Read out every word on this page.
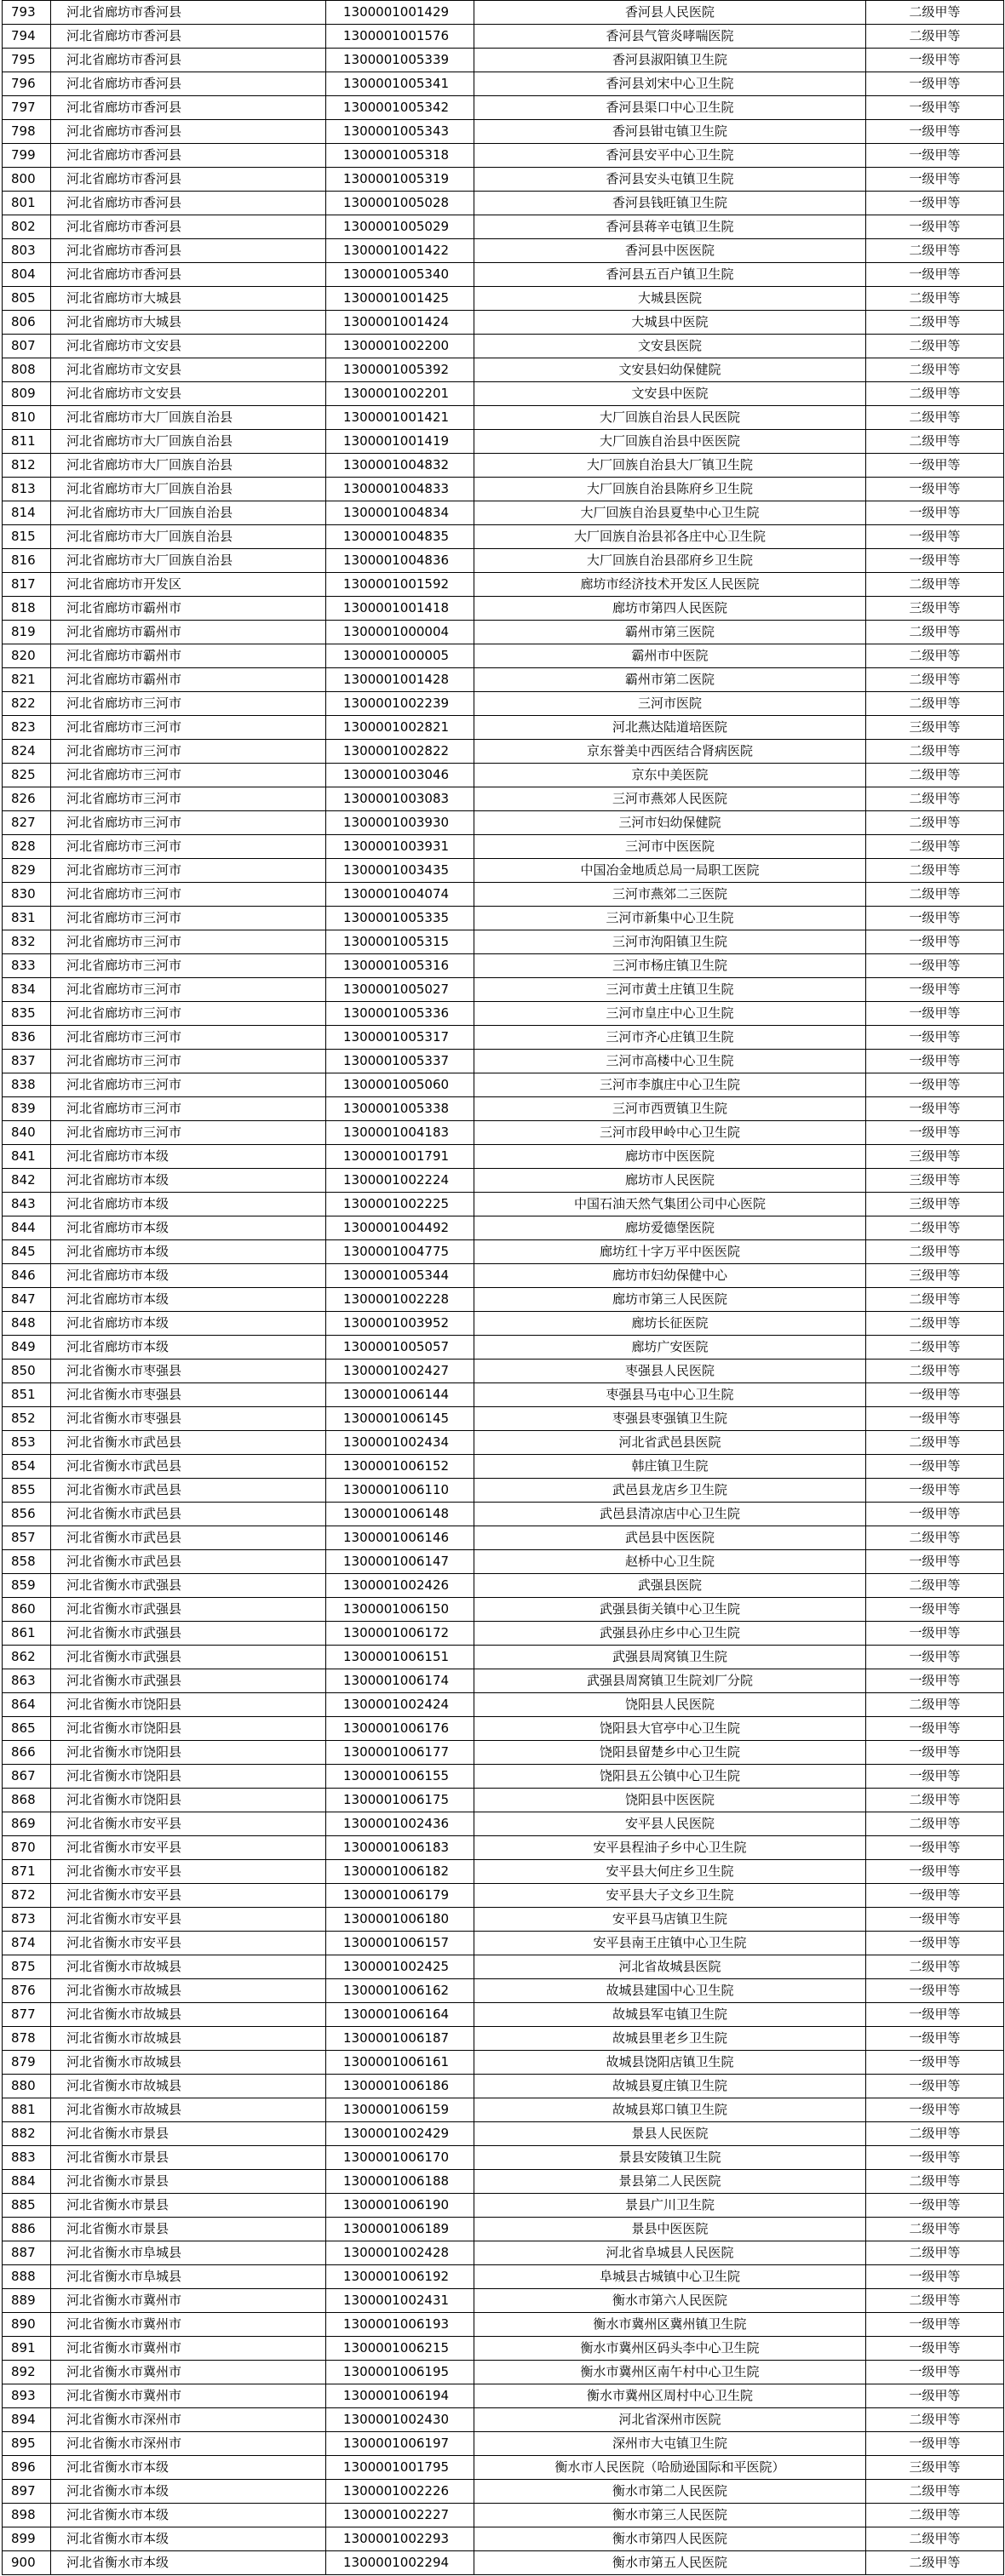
793	河北省廊坊市香河县	1300001001429	香河县人民医院	二级甲等
794	河北省廊坊市香河县	1300001001576	香河县气管炎哮喘医院	二级甲等
795	河北省廊坊市香河县	1300001005339	香河县淑阳镇卫生院	一级甲等
796	河北省廊坊市香河县	1300001005341	香河县刘宋中心卫生院	一级甲等
797	河北省廊坊市香河县	1300001005342	香河县渠口中心卫生院	一级甲等
798	河北省廊坊市香河县	1300001005343	香河县钳屯镇卫生院	一级甲等
799	河北省廊坊市香河县	1300001005318	香河县安平中心卫生院	一级甲等
800	河北省廊坊市香河县	1300001005319	香河县安头屯镇卫生院	一级甲等
801	河北省廊坊市香河县	1300001005028	香河县钱旺镇卫生院	一级甲等
802	河北省廊坊市香河县	1300001005029	香河县蒋辛屯镇卫生院	一级甲等
803	河北省廊坊市香河县	1300001001422	香河县中医医院	二级甲等
804	河北省廊坊市香河县	1300001005340	香河县五百户镇卫生院	一级甲等
805	河北省廊坊市大城县	1300001001425	大城县医院	二级甲等
806	河北省廊坊市大城县	1300001001424	大城县中医院	二级甲等
807	河北省廊坊市文安县	1300001002200	文安县医院	二级甲等
808	河北省廊坊市文安县	1300001005392	文安县妇幼保健院	二级甲等
809	河北省廊坊市文安县	1300001002201	文安县中医院	二级甲等
810	河北省廊坊市大厂回族自治县	1300001001421	大厂回族自治县人民医院	二级甲等
811	河北省廊坊市大厂回族自治县	1300001001419	大厂回族自治县中医医院	二级甲等
812	河北省廊坊市大厂回族自治县	1300001004832	大厂回族自治县大厂镇卫生院	一级甲等
813	河北省廊坊市大厂回族自治县	1300001004833	大厂回族自治县陈府乡卫生院	一级甲等
814	河北省廊坊市大厂回族自治县	1300001004834	大厂回族自治县夏垫中心卫生院	一级甲等
815	河北省廊坊市大厂回族自治县	1300001004835	大厂回族自治县祁各庄中心卫生院	一级甲等
816	河北省廊坊市大厂回族自治县	1300001004836	大厂回族自治县邵府乡卫生院	一级甲等
817	河北省廊坊市开发区	1300001001592	廊坊市经济技术开发区人民医院	二级甲等
818	河北省廊坊市霸州市	1300001001418	廊坊市第四人民医院	三级甲等
819	河北省廊坊市霸州市	1300001000004	霸州市第三医院	二级甲等
820	河北省廊坊市霸州市	1300001000005	霸州市中医院	二级甲等
821	河北省廊坊市霸州市	1300001001428	霸州市第二医院	二级甲等
822	河北省廊坊市三河市	1300001002239	三河市医院	二级甲等
823	河北省廊坊市三河市	1300001002821	河北燕达陆道培医院	三级甲等
824	河北省廊坊市三河市	1300001002822	京东誉美中西医结合肾病医院	二级甲等
825	河北省廊坊市三河市	1300001003046	京东中美医院	二级甲等
826	河北省廊坊市三河市	1300001003083	三河市燕郊人民医院	二级甲等
827	河北省廊坊市三河市	1300001003930	三河市妇幼保健院	二级甲等
828	河北省廊坊市三河市	1300001003931	三河市中医医院	二级甲等
829	河北省廊坊市三河市	1300001003435	中国冶金地质总局一局职工医院	二级甲等
830	河北省廊坊市三河市	1300001004074	三河市燕郊二三医院	二级甲等
831	河北省廊坊市三河市	1300001005335	三河市新集中心卫生院	一级甲等
832	河北省廊坊市三河市	1300001005315	三河市泃阳镇卫生院	一级甲等
833	河北省廊坊市三河市	1300001005316	三河市杨庄镇卫生院	一级甲等
834	河北省廊坊市三河市	1300001005027	三河市黄土庄镇卫生院	一级甲等
835	河北省廊坊市三河市	1300001005336	三河市皇庄中心卫生院	一级甲等
836	河北省廊坊市三河市	1300001005317	三河市齐心庄镇卫生院	一级甲等
837	河北省廊坊市三河市	1300001005337	三河市高楼中心卫生院	一级甲等
838	河北省廊坊市三河市	1300001005060	三河市李旗庄中心卫生院	一级甲等
839	河北省廊坊市三河市	1300001005338	三河市西贾镇卫生院	一级甲等
840	河北省廊坊市三河市	1300001004183	三河市段甲岭中心卫生院	一级甲等
841	河北省廊坊市本级	1300001001791	廊坊市中医医院	三级甲等
842	河北省廊坊市本级	1300001002224	廊坊市人民医院	三级甲等
843	河北省廊坊市本级	1300001002225	中国石油天然气集团公司中心医院	三级甲等
844	河北省廊坊市本级	1300001004492	廊坊爱德堡医院	二级甲等
845	河北省廊坊市本级	1300001004775	廊坊红十字万平中医医院	二级甲等
846	河北省廊坊市本级	1300001005344	廊坊市妇幼保健中心	三级甲等
847	河北省廊坊市本级	1300001002228	廊坊市第三人民医院	二级甲等
848	河北省廊坊市本级	1300001003952	廊坊长征医院	二级甲等
849	河北省廊坊市本级	1300001005057	廊坊广安医院	二级甲等
850	河北省衡水市枣强县	1300001002427	枣强县人民医院	二级甲等
851	河北省衡水市枣强县	1300001006144	枣强县马屯中心卫生院	一级甲等
852	河北省衡水市枣强县	1300001006145	枣强县枣强镇卫生院	一级甲等
853	河北省衡水市武邑县	1300001002434	河北省武邑县医院	二级甲等
854	河北省衡水市武邑县	1300001006152	韩庄镇卫生院	一级甲等
855	河北省衡水市武邑县	1300001006110	武邑县龙店乡卫生院	一级甲等
856	河北省衡水市武邑县	1300001006148	武邑县清凉店中心卫生院	一级甲等
857	河北省衡水市武邑县	1300001006146	武邑县中医医院	二级甲等
858	河北省衡水市武邑县	1300001006147	赵桥中心卫生院	一级甲等
859	河北省衡水市武强县	1300001002426	武强县医院	二级甲等
860	河北省衡水市武强县	1300001006150	武强县街关镇中心卫生院	一级甲等
861	河北省衡水市武强县	1300001006172	武强县孙庄乡中心卫生院	一级甲等
862	河北省衡水市武强县	1300001006151	武强县周窝镇卫生院	一级甲等
863	河北省衡水市武强县	1300001006174	武强县周窝镇卫生院刘厂分院	一级甲等
864	河北省衡水市饶阳县	1300001002424	饶阳县人民医院	二级甲等
865	河北省衡水市饶阳县	1300001006176	饶阳县大官亭中心卫生院	一级甲等
866	河北省衡水市饶阳县	1300001006177	饶阳县留楚乡中心卫生院	一级甲等
867	河北省衡水市饶阳县	1300001006155	饶阳县五公镇中心卫生院	一级甲等
868	河北省衡水市饶阳县	1300001006175	饶阳县中医医院	二级甲等
869	河北省衡水市安平县	1300001002436	安平县人民医院	二级甲等
870	河北省衡水市安平县	1300001006183	安平县程油子乡中心卫生院	一级甲等
871	河北省衡水市安平县	1300001006182	安平县大何庄乡卫生院	一级甲等
872	河北省衡水市安平县	1300001006179	安平县大子文乡卫生院	一级甲等
873	河北省衡水市安平县	1300001006180	安平县马店镇卫生院	一级甲等
874	河北省衡水市安平县	1300001006157	安平县南王庄镇中心卫生院	一级甲等
875	河北省衡水市故城县	1300001002425	河北省故城县医院	二级甲等
876	河北省衡水市故城县	1300001006162	故城县建国中心卫生院	一级甲等
877	河北省衡水市故城县	1300001006164	故城县军屯镇卫生院	一级甲等
878	河北省衡水市故城县	1300001006187	故城县里老乡卫生院	一级甲等
879	河北省衡水市故城县	1300001006161	故城县饶阳店镇卫生院	一级甲等
880	河北省衡水市故城县	1300001006186	故城县夏庄镇卫生院	一级甲等
881	河北省衡水市故城县	1300001006159	故城县郑口镇卫生院	一级甲等
882	河北省衡水市景县	1300001002429	景县人民医院	二级甲等
883	河北省衡水市景县	1300001006170	景县安陵镇卫生院	一级甲等
884	河北省衡水市景县	1300001006188	景县第二人民医院	二级甲等
885	河北省衡水市景县	1300001006190	景县广川卫生院	一级甲等
886	河北省衡水市景县	1300001006189	景县中医医院	二级甲等
887	河北省衡水市阜城县	1300001002428	河北省阜城县人民医院	二级甲等
888	河北省衡水市阜城县	1300001006192	阜城县古城镇中心卫生院	一级甲等
889	河北省衡水市冀州市	1300001002431	衡水市第六人民医院	二级甲等
890	河北省衡水市冀州市	1300001006193	衡水市冀州区冀州镇卫生院	一级甲等
891	河北省衡水市冀州市	1300001006215	衡水市冀州区码头李中心卫生院	一级甲等
892	河北省衡水市冀州市	1300001006195	衡水市冀州区南午村中心卫生院	一级甲等
893	河北省衡水市冀州市	1300001006194	衡水市冀州区周村中心卫生院	一级甲等
894	河北省衡水市深州市	1300001002430	河北省深州市医院	二级甲等
895	河北省衡水市深州市	1300001006197	深州市大屯镇卫生院	一级甲等
896	河北省衡水市本级	1300001001795	衡水市人民医院（哈励逊国际和平医院）	三级甲等
897	河北省衡水市本级	1300001002226	衡水市第二人民医院	二级甲等
898	河北省衡水市本级	1300001002227	衡水市第三人民医院	二级甲等
899	河北省衡水市本级	1300001002293	衡水市第四人民医院	二级甲等
900	河北省衡水市本级	1300001002294	衡水市第五人民医院	二级甲等
